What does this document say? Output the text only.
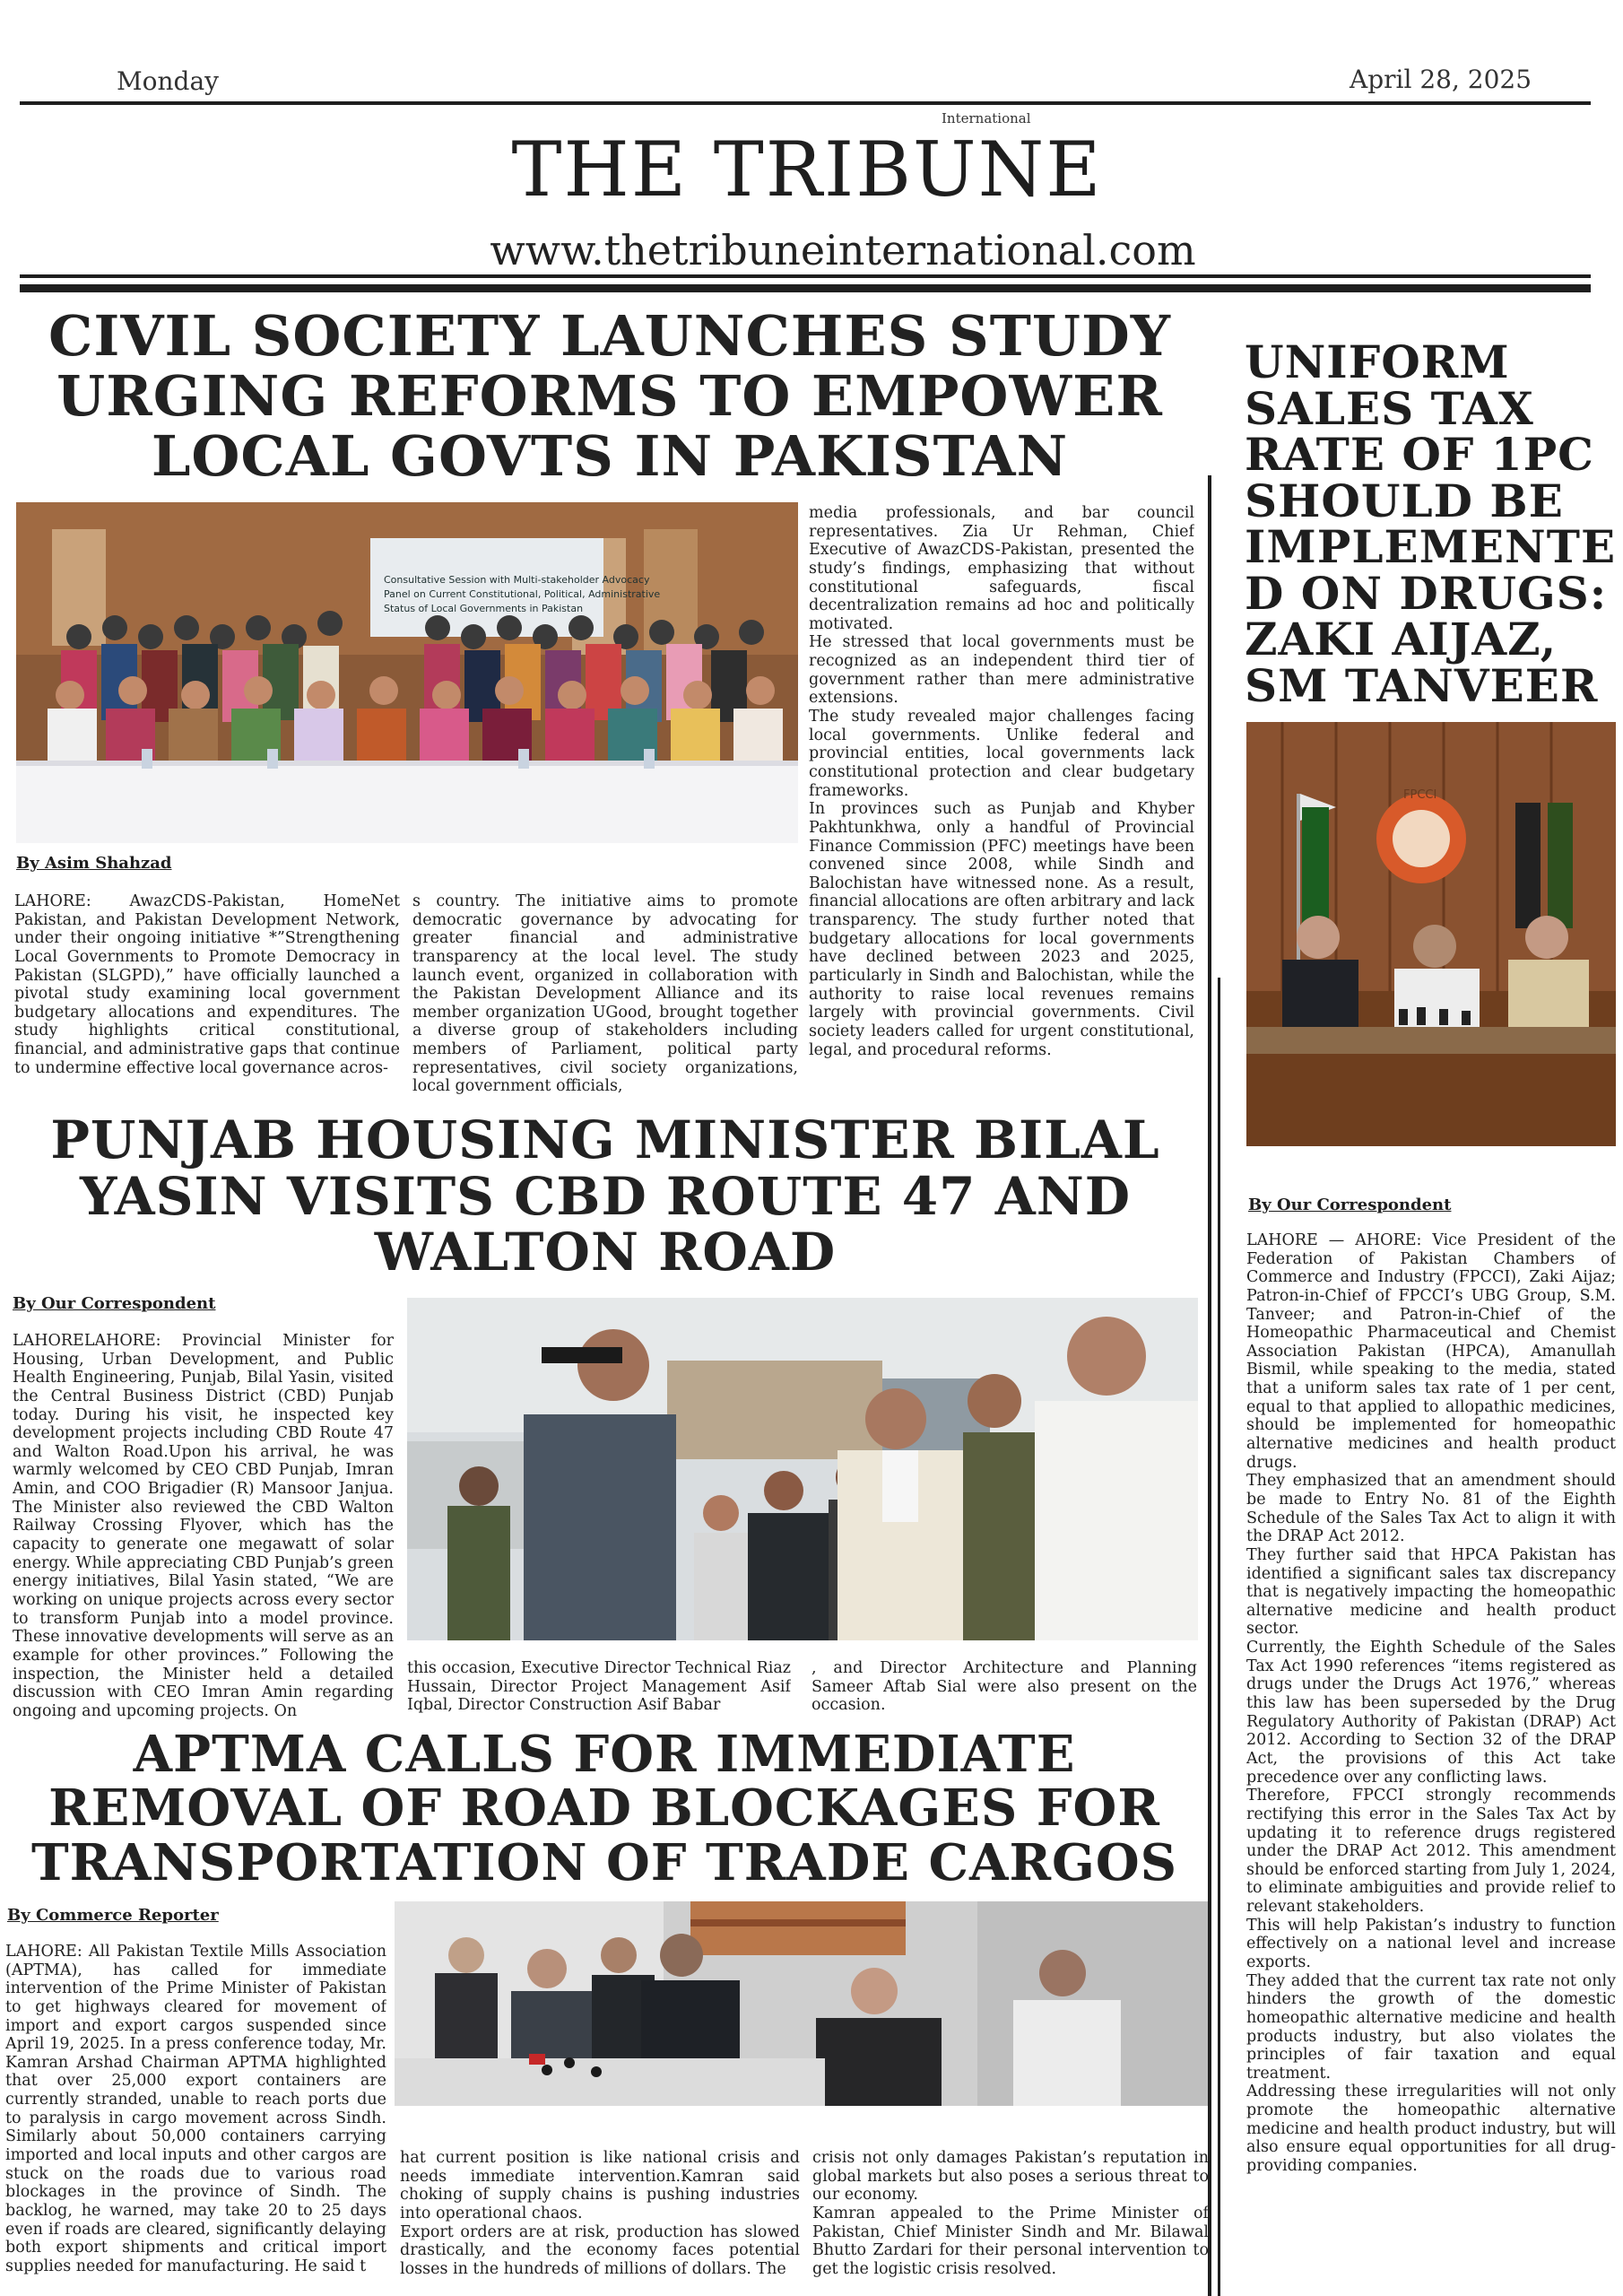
Monday	April 28, 2025
International
THE TRIBUNE
www.thetribuneinternational.com
CIVIL SOCIETY LAUNCHES STUDY URGING REFORMS TO EMPOWER LOCAL GOVTS IN PAKISTAN
Consultative Session with Multi-stakeholder Advocacy
Panel on Current Constitutional, Political, Administrative
Status of Local Governments in Pakistan
By Asim Shahzad
LAHORE: AwazCDS-Pakistan, HomeNet Pakistan, and Pakistan Development Network, under their ongoing initiative *”Strengthening Local Governments to Promote Democracy in Pakistan (SLGPD),” have officially launched a pivotal study examining local government budgetary allocations and expenditures. The study highlights critical constitutional, financial, and administrative gaps that continue to undermine effective local governance acros-
s country. The initiative aims to promote democratic governance by advocating for greater financial and administrative transparency at the local level. The study launch event, organized in collaboration with the Pakistan Development Alliance and its member organization UGood, brought together a diverse group of stakeholders including members of Parliament, political party representatives, civil society organizations, local government officials,

media professionals, and bar council representatives. Zia Ur Rehman, Chief Executive of AwazCDS-Pakistan, presented the study’s findings, emphasizing that without constitutional safeguards, fiscal decentralization remains ad hoc and politically motivated.

He stressed that local governments must be recognized as an independent third tier of government rather than mere administrative extensions.

The study revealed major challenges facing local governments. Unlike federal and provincial entities, local governments lack constitutional protection and clear budgetary frameworks.

In provinces such as Punjab and Khyber Pakhtunkhwa, only a handful of Provincial Finance Commission (PFC) meetings have been convened since 2008, while Sindh and Balochistan have witnessed none. As a result, financial allocations are often arbitrary and lack transparency. The study further noted that budgetary allocations for local governments have declined between 2023 and 2025, particularly in Sindh and Balochistan, while the authority to raise local revenues remains largely with provincial governments. Civil society leaders called for urgent constitutional, legal, and procedural reforms.

PUNJAB HOUSING MINISTER BILAL YASIN VISITS CBD ROUTE 47 AND WALTON ROAD
By Our Correspondent
LAHORELAHORE: Provincial Minister for Housing, Urban Development, and Public Health Engineering, Punjab, Bilal Yasin, visited the Central Business District (CBD) Punjab today. During his visit, he inspected key development projects including CBD Route 47 and Walton Road.Upon his arrival, he was warmly welcomed by CEO CBD Punjab, Imran Amin, and COO Brigadier (R) Mansoor Janjua. The Minister also reviewed the CBD Walton Railway Crossing Flyover, which has the capacity to generate one megawatt of solar energy. While appreciating CBD Punjab’s green energy initiatives, Bilal Yasin stated, “We are working on unique projects across every sector to transform Punjab into a model province. These innovative developments will serve as an example for other provinces.” Following the inspection, the Minister held a detailed discussion with CEO Imran Amin regarding ongoing and upcoming projects. On
this occasion, Executive Director Technical Riaz Hussain, Director Project Management Asif Iqbal, Director Construction Asif Babar
, and Director Architecture and Planning Sameer Aftab Sial were also present on the occasion.
APTMA CALLS FOR IMMEDIATE REMOVAL OF ROAD BLOCKAGES FOR TRANSPORTATION OF TRADE CARGOS
By Commerce Reporter
LAHORE: All Pakistan Textile Mills Association (APTMA), has called for immediate intervention of the Prime Minister of Pakistan to get highways cleared for movement of import and export cargos suspended since April 19, 2025. In a press conference today, Mr. Kamran Arshad Chairman APTMA highlighted that over 25,000 export containers are currently stranded, unable to reach ports due to paralysis in cargo movement across Sindh. Similarly about 50,000 containers carrying imported and local inputs and other cargos are stuck on the roads due to various road blockages in the province of Sindh. The backlog, he warned, may take 20 to 25 days even if roads are cleared, significantly delaying both export shipments and critical import supplies needed for manufacturing. He said t

hat current position is like national crisis and needs immediate intervention.Kamran said choking of supply chains is pushing industries into operational chaos.

Export orders are at risk, production has slowed drastically, and the economy faces potential losses in the hundreds of millions of dollars. The

crisis not only damages Pakistan’s reputation in global markets but also poses a serious threat to our economy.

Kamran appealed to the Prime Minister of Pakistan, Chief Minister Sindh and Mr. Bilawal Bhutto Zardari for their personal intervention to get the logistic crisis resolved.

UNIFORM SALES TAX RATE OF 1PC SHOULD BE IMPLEMENTE D ON DRUGS: ZAKI AIJAZ, SM TANVEER
FPCCI
By Our Correspondent

LAHORE — AHORE: Vice President of the Federation of Pakistan Chambers of Commerce and Industry (FPCCI), Zaki Aijaz; Patron-in-Chief of FPCCI’s UBG Group, S.M. Tanveer; and Patron-in-Chief of the Homeopathic Pharmaceutical and Chemist Association Pakistan (HPCA), Amanullah Bismil, while speaking to the media, stated that a uniform sales tax rate of 1 per cent, equal to that applied to allopathic medicines, should be implemented for homeopathic alternative medicines and health product drugs.

They emphasized that an amendment should be made to Entry No. 81 of the Eighth Schedule of the Sales Tax Act to align it with the DRAP Act 2012.

They further said that HPCA Pakistan has identified a significant sales tax discrepancy that is negatively impacting the homeopathic alternative medicine and health product sector.

Currently, the Eighth Schedule of the Sales Tax Act 1990 references “items registered as drugs under the Drugs Act 1976,” whereas this law has been superseded by the Drug Regulatory Authority of Pakistan (DRAP) Act 2012. According to Section 32 of the DRAP Act, the provisions of this Act take precedence over any conflicting laws.

Therefore, FPCCI strongly recommends rectifying this error in the Sales Tax Act by updating it to reference drugs registered under the DRAP Act 2012. This amendment should be enforced starting from July 1, 2024, to eliminate ambiguities and provide relief to relevant stakeholders.

This will help Pakistan’s industry to function effectively on a national level and increase exports.

They added that the current tax rate not only hinders the growth of the domestic homeopathic alternative medicine and health products industry, but also violates the principles of fair taxation and equal treatment.

Addressing these irregularities will not only promote the homeopathic alternative medicine and health product industry, but will also ensure equal opportunities for all drug-providing companies.
